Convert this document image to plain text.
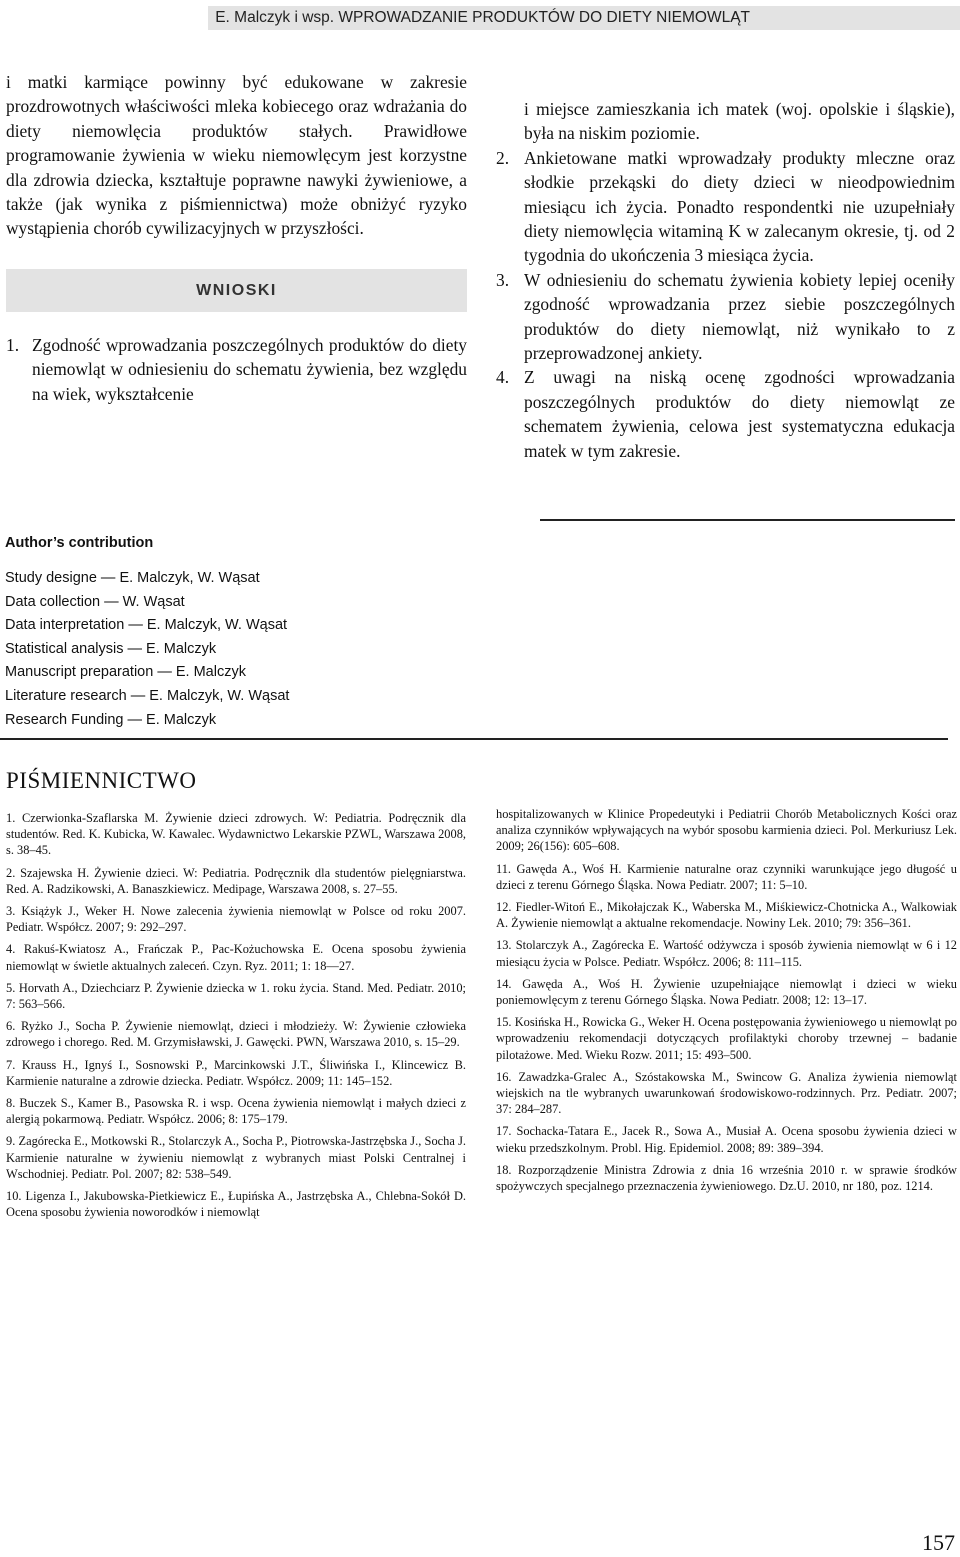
E. Malczyk i wsp. WPROWADZANIE PRODUKTÓW DO DIETY NIEMOWLĄT

i matki karmiące powinny być edukowane w zakresie prozdrowotnych właściwości mleka kobiecego oraz wdrażania do diety niemowlęcia produktów stałych. Prawidłowe programowanie żywienia w wieku niemowlęcym jest korzystne dla zdrowia dziecka, kształtuje poprawne nawyki żywieniowe, a także (jak wynika z piśmiennictwa) może obniżyć ryzyko wystąpienia chorób cywilizacyjnych w przyszłości.

WNIOSKI
1. Zgodność wprowadzania poszczególnych produktów do diety niemowląt w odniesieniu do schematu żywienia, bez względu na wiek, wykształcenie
i miejsce zamieszkania ich matek (woj. opolskie i śląskie), była na niskim poziomie.
2. Ankietowane matki wprowadzały produkty mleczne oraz słodkie przekąski do diety dzieci w nieodpowiednim miesiącu ich życia. Ponadto respondentki nie uzupełniały diety niemowlęcia witaminą K w zalecanym okresie, tj. od 2 tygodnia do ukończenia 3 miesiąca życia.
3. W odniesieniu do schematu żywienia kobiety lepiej oceniły zgodność wprowadzania przez siebie poszczególnych produktów do diety niemowląt, niż wynikało to z przeprowadzonej ankiety.
4. Z uwagi na niską ocenę zgodności wprowadzania poszczególnych produktów do diety niemowląt ze schematem żywienia, celowa jest systematyczna edukacja matek w tym zakresie.
Author’s contribution
Study designe — E. Malczyk, W. Wąsat
Data collection — W. Wąsat
Data interpretation — E. Malczyk, W. Wąsat
Statistical analysis — E. Malczyk
Manuscript preparation — E. Malczyk
Literature research — E. Malczyk, W. Wąsat
Research Funding — E. Malczyk
PIŚMIENNICTWO
1. Czerwionka-Szaflarska M. Żywienie dzieci zdrowych. W: Pediatria. Podręcznik dla studentów. Red. K. Kubicka, W. Kawalec. Wydawnictwo Lekarskie PZWL, Warszawa 2008, s. 38–45.
2. Szajewska H. Żywienie dzieci. W: Pediatria. Podręcznik dla studentów pielęgniarstwa. Red. A. Radzikowski, A. Banaszkiewicz. Medipage, Warszawa 2008, s. 27–55.
3. Książyk J., Weker H. Nowe zalecenia żywienia niemowląt w Polsce od roku 2007. Pediatr. Współcz. 2007; 9: 292–297.
4. Rakuś-Kwiatosz A., Frańczak P., Pac-Kożuchowska E. Ocena sposobu żywienia niemowląt w świetle aktualnych zaleceń. Czyn. Ryz. 2011; 1: 18—27.
5. Horvath A., Dziechciarz P. Żywienie dziecka w 1. roku życia. Stand. Med. Pediatr. 2010; 7: 563–566.
6. Ryżko J., Socha P. Żywienie niemowląt, dzieci i młodzieży. W: Żywienie człowieka zdrowego i chorego. Red. M. Grzymisławski, J. Gawęcki. PWN, Warszawa 2010, s. 15–29.
7. Krauss H., Ignyś I., Sosnowski P., Marcinkowski J.T., Śliwińska I., Klincewicz B. Karmienie naturalne a zdrowie dziecka. Pediatr. Współcz. 2009; 11: 145–152.
8. Buczek S., Kamer B., Pasowska R. i wsp. Ocena żywienia niemowląt i małych dzieci z alergią pokarmową. Pediatr. Współcz. 2006; 8: 175–179.
9. Zagórecka E., Motkowski R., Stolarczyk A., Socha P., Piotrowska-Jastrzębska J., Socha J. Karmienie naturalne w żywieniu niemowląt z wybranych miast Polski Centralnej i Wschodniej. Pediatr. Pol. 2007; 82: 538–549.
10. Ligenza I., Jakubowska-Pietkiewicz E., Łupińska A., Jastrzębska A., Chlebna-Sokół D. Ocena sposobu żywienia noworodków i niemowląt
hospitalizowanych w Klinice Propedeutyki i Pediatrii Chorób Metabolicznych Kości oraz analiza czynników wpływających na wybór sposobu karmienia dzieci. Pol. Merkuriusz Lek. 2009; 26(156): 605–608.
11. Gawęda A., Woś H. Karmienie naturalne oraz czynniki warunkujące jego długość u dzieci z terenu Górnego Śląska. Nowa Pediatr. 2007; 11: 5–10.
12. Fiedler-Witoń E., Mikołajczak K., Waberska M., Miśkiewicz-Chotnicka A., Walkowiak A. Żywienie niemowląt a aktualne rekomendacje. Nowiny Lek. 2010; 79: 356–361.
13. Stolarczyk A., Zagórecka E. Wartość odżywcza i sposób żywienia niemowląt w 6 i 12 miesiącu życia w Polsce. Pediatr. Współcz. 2006; 8: 111–115.
14. Gawęda A., Woś H. Żywienie uzupełniające niemowląt i dzieci w wieku poniemowlęcym z terenu Górnego Śląska. Nowa Pediatr. 2008; 12: 13–17.
15. Kosińska H., Rowicka G., Weker H. Ocena postępowania żywieniowego u niemowląt po wprowadzeniu rekomendacji dotyczących profilaktyki choroby trzewnej – badanie pilotażowe. Med. Wieku Rozw. 2011; 15: 493–500.
16. Zawadzka-Gralec A., Szóstakowska M., Swincow G. Analiza żywienia niemowląt wiejskich na tle wybranych uwarunkowań środowiskowo-rodzinnych. Prz. Pediatr. 2007; 37: 284–287.
17. Sochacka-Tatara E., Jacek R., Sowa A., Musiał A. Ocena sposobu żywienia dzieci w wieku przedszkolnym. Probl. Hig. Epidemiol. 2008; 89: 389–394.
18. Rozporządzenie Ministra Zdrowia z dnia 16 września 2010 r. w sprawie środków spożywczych specjalnego przeznaczenia żywieniowego. Dz.U. 2010, nr 180, poz. 1214.
157
